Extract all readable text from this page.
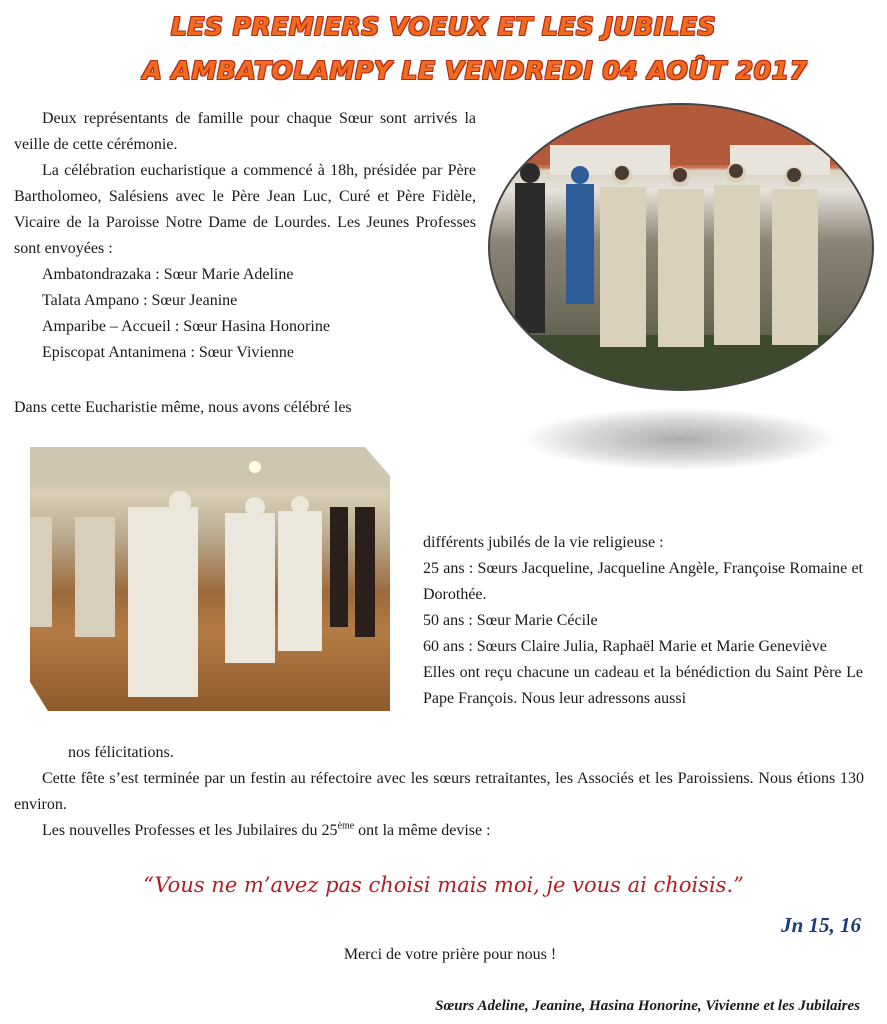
LES PREMIERS VOEUX ET LES JUBILES
A AMBATOLAMPY LE VENDREDI 04 AOÛT 2017

Deux représentants de famille pour chaque Sœur sont arrivés la veille de cette cérémonie.

La célébration eucharistique a commencé à 18h, présidée par Père Bartholomeo, Salésiens avec le Père Jean Luc, Curé et Père Fidèle, Vicaire de la Paroisse Notre Dame de Lourdes. Les Jeunes Professes sont envoyées :

Ambatondrazaka : Sœur Marie Adeline
Talata Ampano : Sœur Jeanine
Amparibe – Accueil : Sœur Hasina Honorine
Episcopat Antanimena : Sœur Vivienne
Dans cette Eucharistie même, nous avons célébré les
différents jubilés de la vie religieuse :
25 ans : Sœurs Jacqueline, Jacqueline Angèle, Françoise Romaine et Dorothée.
50 ans : Sœur Marie Cécile
60 ans : Sœurs Claire Julia, Raphaël Marie et Marie Geneviève
Elles ont reçu chacune un cadeau et la bénédiction du Saint Père Le Pape François. Nous leur adressons aussi
nos félicitations.

Cette fête s’est terminée par un festin au réfectoire avec les sœurs retraitantes, les Associés et les Paroissiens. Nous étions 130 environ.

Les nouvelles Professes et les Jubilaires du 25ème ont la même devise :

“Vous ne m’avez pas choisi mais moi, je vous ai choisis.”
Jn 15, 16
Merci de votre prière pour nous !
Sœurs Adeline, Jeanine, Hasina Honorine, Vivienne et les Jubilaires
